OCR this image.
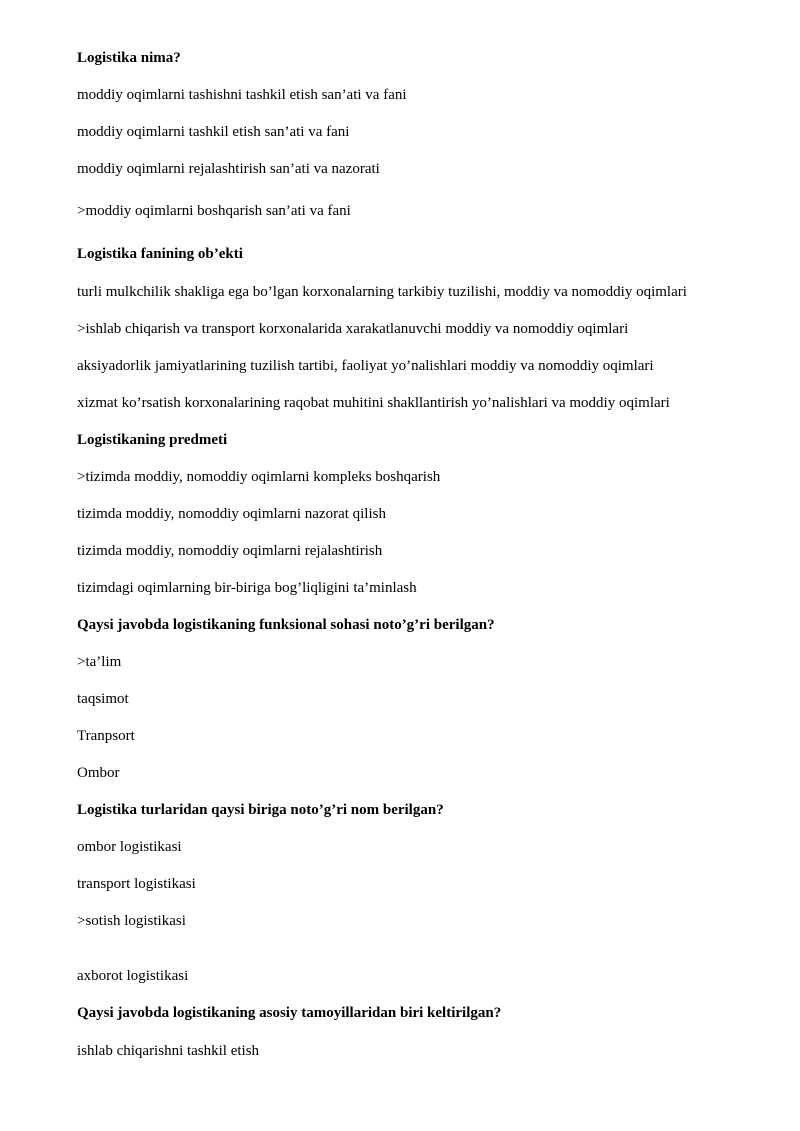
Logistika nima?
moddiy oqimlarni tashishni tashkil etish san’ati va fani
moddiy oqimlarni tashkil etish san’ati va fani
moddiy oqimlarni rejalashtirish san’ati va nazorati
>moddiy oqimlarni boshqarish san’ati va fani
Logistika fanining ob’ekti
turli mulkchilik shakliga ega bo’lgan korxonalarning tarkibiy tuzilishi, moddiy va nomoddiy oqimlari
>ishlab chiqarish va transport korxonalarida xarakatlanuvchi moddiy va nomoddiy oqimlari
aksiyadorlik jamiyatlarining tuzilish tartibi, faoliyat yo’nalishlari moddiy va nomoddiy oqimlari
xizmat ko’rsatish korxonalarining raqobat muhitini shakllantirish yo’nalishlari va moddiy oqimlari
Logistikaning predmeti
>tizimda moddiy, nomoddiy oqimlarni kompleks boshqarish
tizimda moddiy, nomoddiy oqimlarni nazorat qilish
tizimda moddiy, nomoddiy oqimlarni rejalashtirish
tizimdagi oqimlarning bir-biriga bog’liqligini ta’minlash
Qaysi javobda logistikaning funksional sohasi noto’g’ri berilgan?
>ta’lim
taqsimot
Tranpsort
Ombor
Logistika turlaridan qaysi biriga noto’g’ri nom berilgan?
ombor logistikasi
transport logistikasi
>sotish logistikasi
axborot logistikasi
Qaysi javobda logistikaning asosiy tamoyillaridan biri keltirilgan?
ishlab chiqarishni tashkil etish
